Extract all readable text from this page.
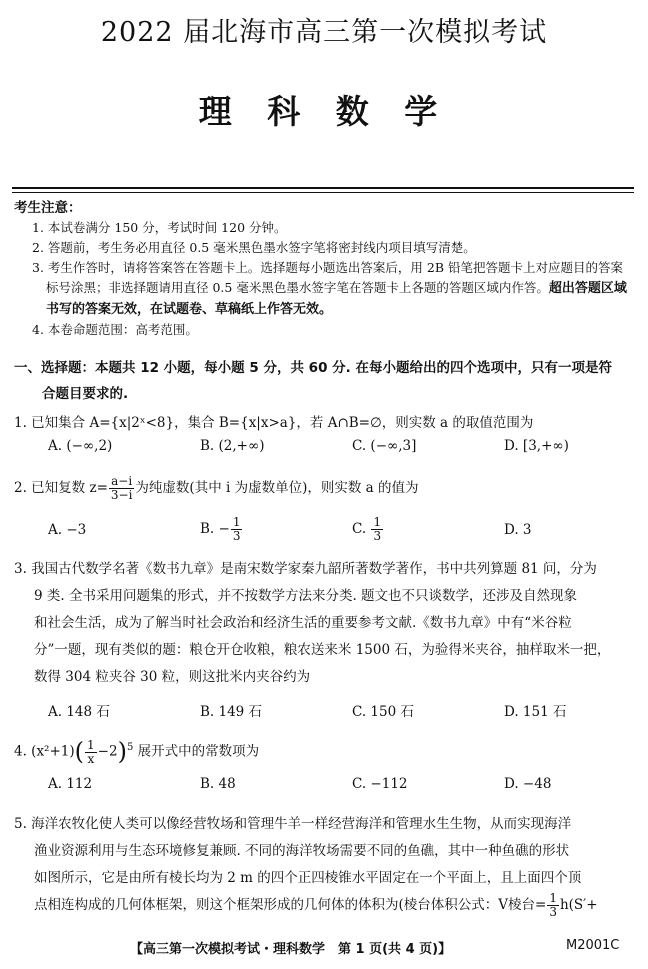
2022 届北海市高三第一次模拟考试
理 科 数 学
考生注意：
1. 本试卷满分 150 分，考试时间 120 分钟。
2. 答题前，考生务必用直径 0.5 毫米黑色墨水签字笔将密封线内项目填写清楚。
3. 考生作答时，请将答案答在答题卡上。选择题每小题选出答案后，用 2B 铅笔把答题卡上对应题目的答案标号涂黑；非选择题请用直径 0.5 毫米黑色墨水签字笔在答题卡上各题的答题区域内作答。超出答题区域书写的答案无效，在试题卷、草稿纸上作答无效。
4. 本卷命题范围：高考范围。
一、选择题：本题共 12 小题，每小题 5 分，共 60 分. 在每小题给出的四个选项中，只有一项是符
合题目要求的.
1. 已知集合 A={x|2ˣ<8}，集合 B={x|x>a}，若 A∩B=∅，则实数 a 的取值范围为
A. (−∞,2)	B. (2,+∞)	C. (−∞,3]	D. [3,+∞)
2. 已知复数 $z= \frac{a-i}{3-i}$ 为纯虚数(其中 i 为虚数单位)，则实数 a 的值为
A. −3	B. − $\frac{1}{3}$	C. $\frac{1}{3}$	D. 3
3. 我国古代数学名著《数书九章》是南宋数学家秦九韶所著数学著作，书中共列算题 81 问，分为
9 类. 全书采用问题集的形式，并不按数学方法来分类. 题文也不只谈数学，还涉及自然现象
和社会生活，成为了解当时社会政治和经济生活的重要参考文献.《数书九章》中有“米谷粒
分”一题，现有类似的题：粮仓开仓收粮，粮农送来米 1500 石，为验得米夹谷，抽样取米一把，
数得 304 粒夹谷 30 粒，则这批米内夹谷约为
A. 148 石	B. 149 石	C. 150 石	D. 151 石
4. $(x^2+1)( \frac{1}{x} -2)^5$ 展开式中的常数项为
A. 112	B. 48	C. −112	D. −48
5. 海洋农牧化使人类可以像经营牧场和管理牛羊一样经营海洋和管理水生生物，从而实现海洋
渔业资源利用与生态环境修复兼顾. 不同的海洋牧场需要不同的鱼礁，其中一种鱼礁的形状
如图所示，它是由所有棱长均为 2 m 的四个正四棱锥水平固定在一个平面上，且上面四个顶
点相连构成的几何体框架，则这个框架形成的几何体的体积为(棱台体积公式：V棱台= $\frac{1}{3} h(S'+$
【高三第一次模拟考试・理科数学　第 1 页(共 4 页)】	M2001C
